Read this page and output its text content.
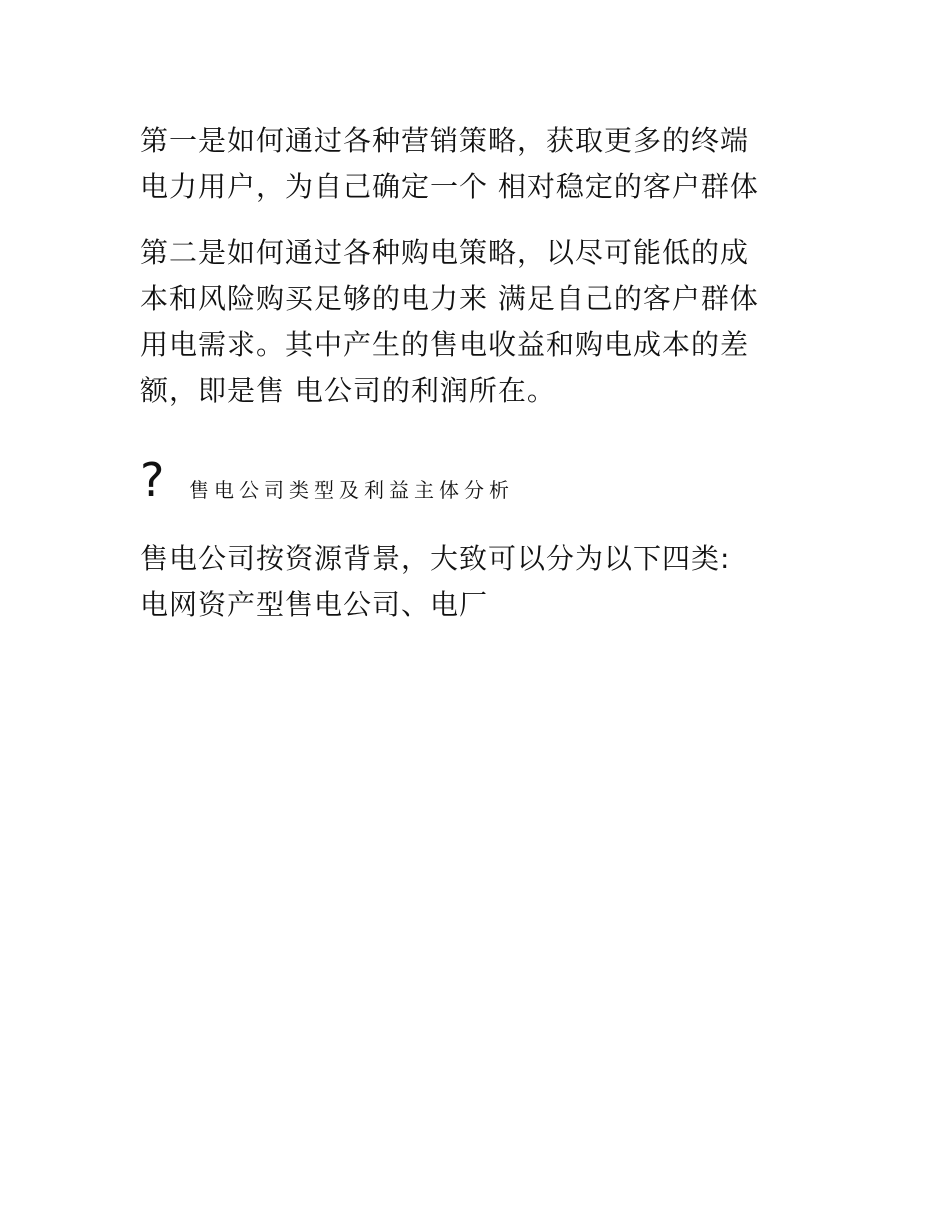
第一是如何通过各种营销策略，获取更多的终端
电力用户，为自己确定一个 相对稳定的客户群体
第二是如何通过各种购电策略，以尽可能低的成
本和风险购买足够的电力来 满足自己的客户群体
用电需求。其中产生的售电收益和购电成本的差
额，即是售 电公司的利润所在。
? 售电公司类型及利益主体分析
售电公司按资源背景，大致可以分为以下四类:
电网资产型售电公司、电厂
